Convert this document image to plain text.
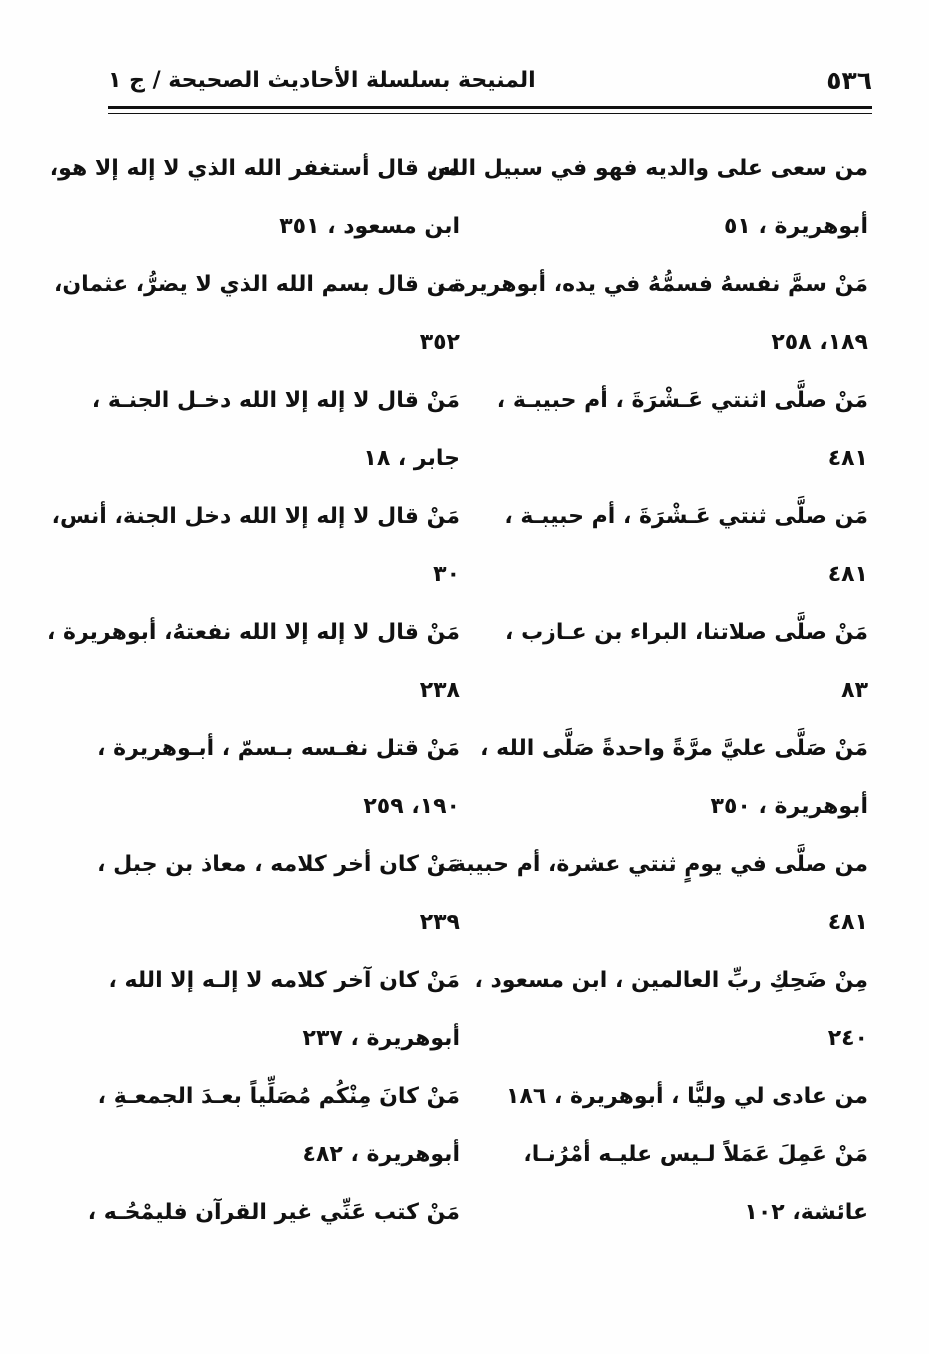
٥٣٦
المنيحة بسلسلة الأحاديث الصحيحة / ج ١
من سعى على والديه فهو في سبيل الله،
أبوهريرة ، ٥١
مَنْ سمَّ نفسهُ فسمُّهُ في يده، أبوهريرة ،
١٨٩، ٢٥٨
مَنْ صلَّى اثنتي عَـشْرَةَ ، أم حبيبـة ،
٤٨١
مَن صلَّى ثنتي عَـشْرَةَ ، أم حبيبـة ،
٤٨١
مَنْ صلَّى صلاتنا، البراء بن عـازب ،
٨٣
مَنْ صَلَّى عليَّ مرَّةً واحدةً صَلَّى الله ،
أبوهريرة ، ٣٥٠
من صلَّى في يومٍ ثنتي عشرة، أم حبيبة ،
٤٨١
مِنْ ضَحِكِ ربِّ العالمين ، ابن مسعود ،
٢٤٠
من عادى لي وليًّا ، أبوهريرة ، ١٨٦
مَنْ عَمِلَ عَمَلاً لـيس عليـه أمْرُنـا،
عائشة، ١٠٢
من قال أستغفر الله الذي لا إله إلا هو،
ابن مسعود ، ٣٥١
من قال بسم الله الذي لا يضرُّ، عثمان،
٣٥٢
مَنْ قال لا إله إلا الله دخـل الجنـة ،
جابر ، ١٨
مَنْ قال لا إله إلا الله دخل الجنة، أنس،
٣٠
مَنْ قال لا إله إلا الله نفعتهُ، أبوهريرة ،
٢٣٨
مَنْ قتل نفـسه بـسمّ ، أبـوهريرة ،
١٩٠، ٢٥٩
مَنْ كان أخر كلامه ، معاذ بن جبل ،
٢٣٩
مَنْ كان آخر كلامه لا إلـه إلا الله ،
أبوهريرة ، ٢٣٧
مَنْ كانَ مِنْكُم مُصَلِّياً بعـدَ الجمعـةِ ،
أبوهريرة ، ٤٨٢
مَنْ كتب عَنِّي غير القرآن فليمْحُـه ،
